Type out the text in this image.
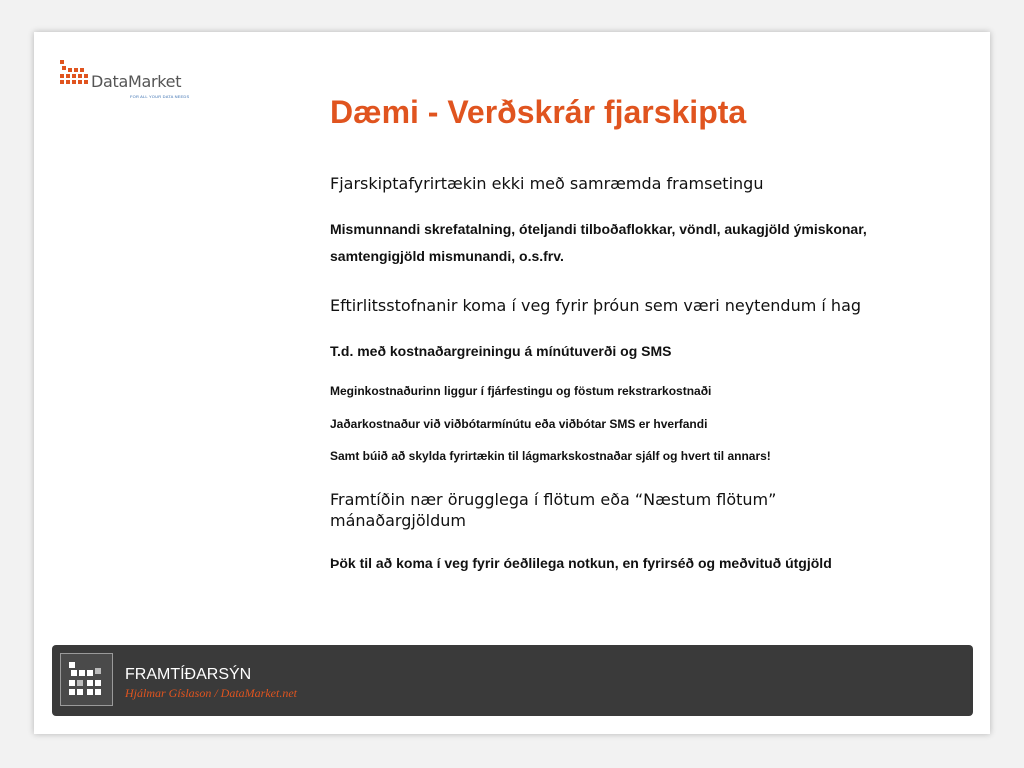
DataMarket
FOR ALL YOUR DATA NEEDS	Dæmi - Verðskrár fjarskipta
Fjarskiptafyrirtækin ekki með samræmda framsetingu
Mismunnandi skrefatalning, óteljandi tilboðaflokkar, vöndl, aukagjöld ýmiskonar, samtengigjöld mismunandi, o.s.frv.
Eftirlitsstofnanir koma í veg fyrir þróun sem væri neytendum í hag
T.d. með kostnaðargreiningu á mínútuverði og SMS
Meginkostnaðurinn liggur í fjárfestingu og föstum rekstrarkostnaði
Jaðarkostnaður við viðbótarmínútu eða viðbótar SMS er hverfandi
Samt búið að skylda fyrirtækin til lágmarkskostnaðar sjálf og hvert til annars!
Framtíðin nær örugglega í flötum eða “Næstum flötum” mánaðargjöldum
Þök til að koma í veg fyrir óeðlilega notkun, en fyrirséð og meðvituð útgjöld
FRAMTÍÐARSÝN
Hjálmar Gíslason / DataMarket.net
